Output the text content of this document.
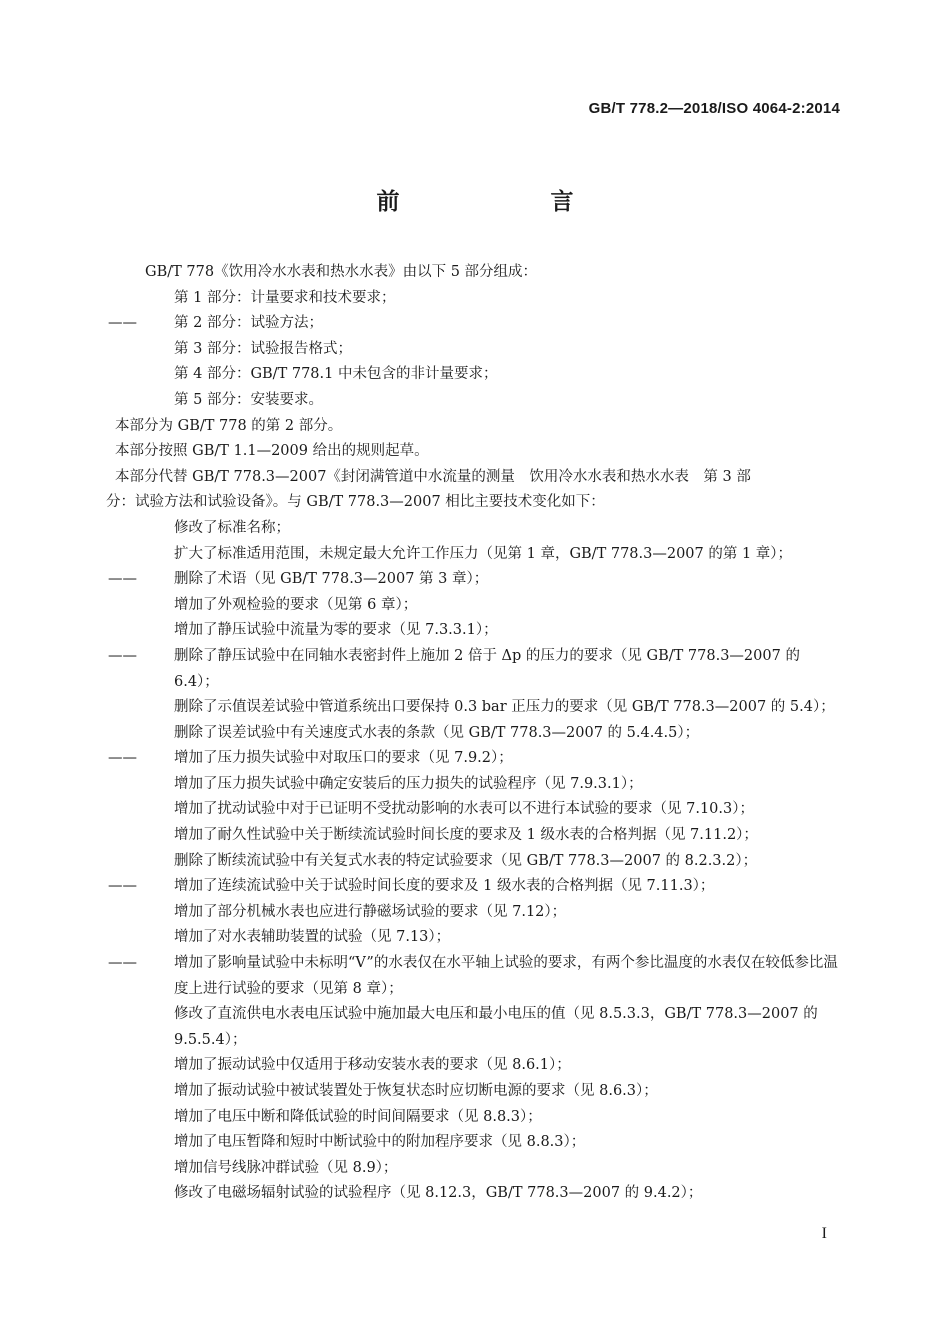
GB/T 778.2—2018/ISO 4064-2:2014
前　言
GB/T 778《饮用冷水水表和热水水表》由以下 5 部分组成：
第 1 部分：计量要求和技术要求；
——	第 2 部分：试验方法；
第 3 部分：试验报告格式；
第 4 部分：GB/T 778.1 中未包含的非计量要求；
第 5 部分：安装要求。
本部分为 GB/T 778 的第 2 部分。
本部分按照 GB/T 1.1—2009 给出的规则起草。
本部分代替 GB/T 778.3—2007《封闭满管道中水流量的测量　饮用冷水水表和热水水表　第 3 部
分：试验方法和试验设备》。与 GB/T 778.3—2007 相比主要技术变化如下：
修改了标准名称；
扩大了标准适用范围，未规定最大允许工作压力（见第 1 章，GB/T 778.3—2007 的第 1 章）；
——	删除了术语（见 GB/T 778.3—2007 第 3 章）；
增加了外观检验的要求（见第 6 章）；
增加了静压试验中流量为零的要求（见 7.3.3.1）；
——	删除了静压试验中在同轴水表密封件上施加 2 倍于 Δp 的压力的要求（见 GB/T 778.3—2007 的 6.4）；
删除了示值误差试验中管道系统出口要保持 0.3 bar 正压力的要求（见 GB/T 778.3—2007 的 5.4）；
删除了误差试验中有关速度式水表的条款（见 GB/T 778.3—2007 的 5.4.4.5）；
——	增加了压力损失试验中对取压口的要求（见 7.9.2）；
增加了压力损失试验中确定安装后的压力损失的试验程序（见 7.9.3.1）；
增加了扰动试验中对于已证明不受扰动影响的水表可以不进行本试验的要求（见 7.10.3）；
增加了耐久性试验中关于断续流试验时间长度的要求及 1 级水表的合格判据（见 7.11.2）；
删除了断续流试验中有关复式水表的特定试验要求（见 GB/T 778.3—2007 的 8.2.3.2）；
——	增加了连续流试验中关于试验时间长度的要求及 1 级水表的合格判据（见 7.11.3）；
增加了部分机械水表也应进行静磁场试验的要求（见 7.12）；
增加了对水表辅助装置的试验（见 7.13）；
——	增加了影响量试验中未标明“V”的水表仅在水平轴上试验的要求，有两个参比温度的水表仅在较低参比温度上进行试验的要求（见第 8 章）；
修改了直流供电水表电压试验中施加最大电压和最小电压的值（见 8.5.3.3，GB/T 778.3—2007 的 9.5.5.4）；
增加了振动试验中仅适用于移动安装水表的要求（见 8.6.1）；
增加了振动试验中被试装置处于恢复状态时应切断电源的要求（见 8.6.3）；
增加了电压中断和降低试验的时间间隔要求（见 8.8.3）；
增加了电压暂降和短时中断试验中的附加程序要求（见 8.8.3）；
增加信号线脉冲群试验（见 8.9）；
修改了电磁场辐射试验的试验程序（见 8.12.3，GB/T 778.3—2007 的 9.4.2）；
I
